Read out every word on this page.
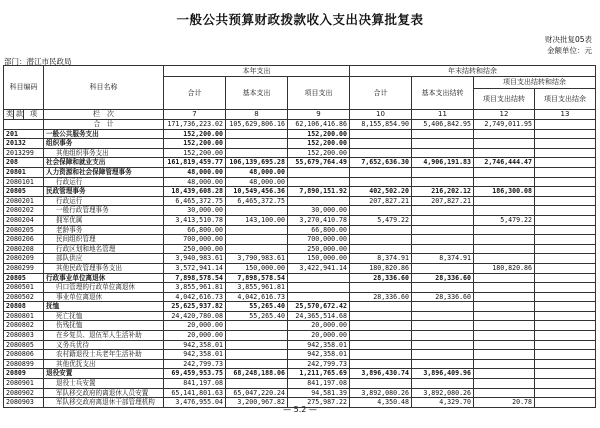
一般公共预算财政拨款收入支出决算批复表
财决批复05表
金额单位：元
部门：潜江市民政局
科目编码			科目名称	本年支出			年末结转和结余			
				合计	基本支出	项目支出	合计	基本支出结转	项目支出结转和结余	
									项目支出结转	项目支出结余
类	款	项	栏　次	7	8	9	10	11	12	13
			合　计	171,736,223.02	105,629,806.16	62,106,416.86	8,155,854.90	5,406,842.95	2,749,011.95	
201			一般公共服务支出	152,200.00		152,200.00				
20132			组织事务	152,200.00		152,200.00				
2013299			其他组织事务支出	152,200.00		152,200.00				
208			社会保障和就业支出	161,819,459.77	106,139,695.28	55,679,764.49	7,652,636.30	4,906,191.83	2,746,444.47	
20801			人力资源和社会保障管理事务	48,000.00	48,000.00					
2080101			行政运行	48,000.00	48,000.00					
20805			民政管理事务	18,439,608.28	10,549,456.36	7,890,151.92	402,502.20	216,202.12	186,300.08	
2080201			行政运行	6,465,372.75	6,465,372.75		207,827.21	207,827.21		
2080202			一般行政管理事务	30,000.00		30,000.00				
2080204			拥军优属	3,413,510.78	143,100.00	3,270,410.78	5,479.22		5,479.22	
2080205			老龄事务	66,800.00		66,800.00				
2080206			民间组织管理	700,000.00		700,000.00				
2080208			行政区划和地名管理	250,000.00		250,000.00				
2080209			部队供应	3,940,983.61	3,790,983.61	150,000.00	8,374.91	8,374.91		
2080299			其他民政管理事务支出	3,572,941.14	150,000.00	3,422,941.14	180,820.86		180,820.86	
20805			行政事业单位离退休	7,898,578.54	7,898,578.54		28,336.60	28,336.60		
2080501			归口管理的行政单位离退休	3,855,961.81	3,855,961.81					
2080502			事业单位离退休	4,042,616.73	4,042,616.73		28,336.60	28,336.60		
20808			抚恤	25,625,937.82	55,265.40	25,570,672.42				
2080801			死亡抚恤	24,420,780.08	55,265.40	24,365,514.68				
2080802			伤残抚恤	20,000.00		20,000.00				
2080803			在乡复员、退伍军人生活补助	20,000.00		20,000.00				
2080805			义务兵优待	942,358.01		942,358.01				
2080806			农村籍退役士兵老年生活补助	942,358.01		942,358.01				
2080899			其他优抚支出	242,799.73		242,799.73				
20809			退役安置	69,459,953.75	68,248,188.06	1,211,765.69	3,896,430.74	3,896,409.96		
2080901			退役士兵安置	841,197.08		841,197.08				
2080902			军队移交政府的离退休人员安置	65,141,801.63	65,047,220.24	94,581.39	3,892,080.26	3,892,080.26		
2080903			军队移交政府离退休干部管理机构	3,476,955.04	3,200,967.82	275,987.22	4,350.48	4,329.70	20.78	
— 5.2 —
